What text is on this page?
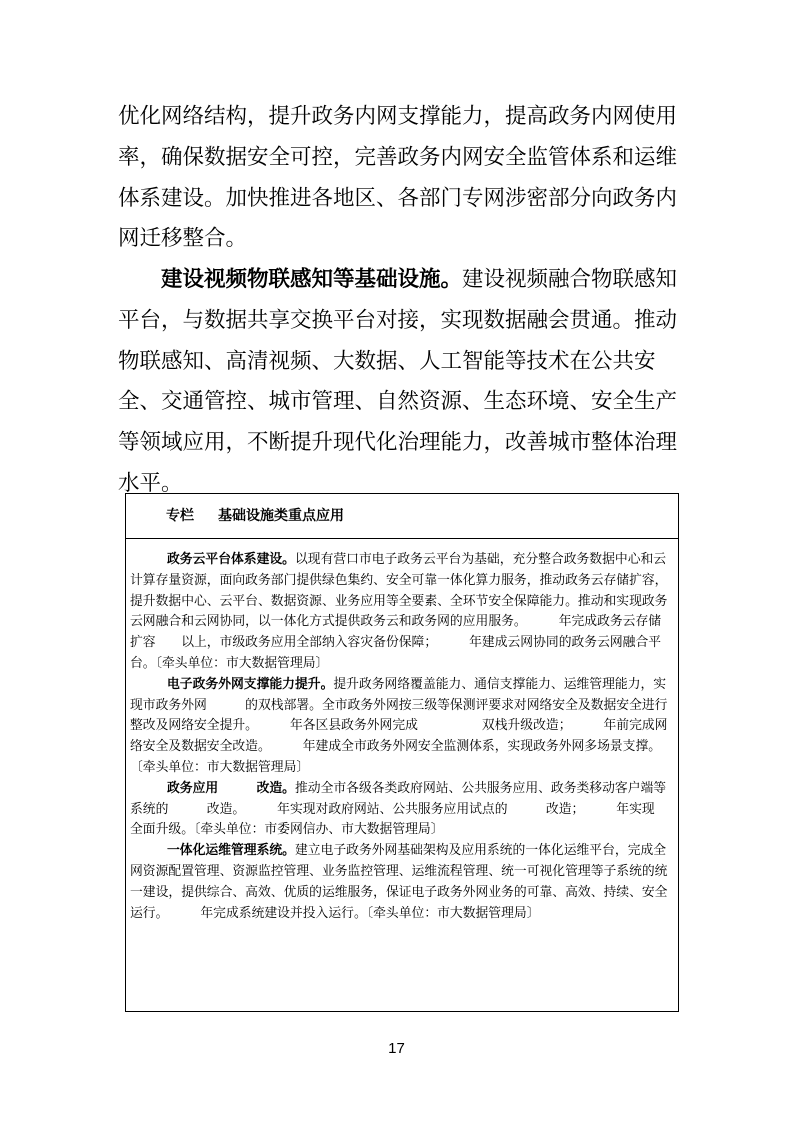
优化网络结构，提升政务内网支撑能力，提高政务内网使用率，确保数据安全可控，完善政务内网安全监管体系和运维体系建设。加快推进各地区、各部门专网涉密部分向政务内网迁移整合。

建设视频物联感知等基础设施。建设视频融合物联感知平台，与数据共享交换平台对接，实现数据融会贯通。推动物联感知、高清视频、大数据、人工智能等技术在公共安全、交通管控、城市管理、自然资源、生态环境、安全生产等领域应用，不断提升现代化治理能力，改善城市整体治理水平。

专栏 基础设施类重点应用

政务云平台体系建设。以现有营口市电子政务云平台为基础，充分整合政务数据中心和云计算存量资源，面向政务部门提供绿色集约、安全可靠一体化算力服务，推动政务云存储扩容，提升数据中心、云平台、数据资源、业务应用等全要素、全环节安全保障能力。推动和实现政务云网融合和云网协同，以一体化方式提供政务云和政务网的应用服务。　　　年完成政务云存储扩容　　以上，市级政务应用全部纳入容灾备份保障；　　　年建成云网协同的政务云网融合平台。〔牵头单位：市大数据管理局〕

电子政务外网支撑能力提升。提升政务网络覆盖能力、通信支撑能力、运维管理能力，实现市政务外网　　　的双栈部署。全市政务外网按三级等保测评要求对网络安全及数据安全进行整改及网络安全提升。　　　年各区县政务外网完成　　　　　双栈升级改造；　　　年前完成网络安全及数据安全改造。　　　年建成全市政务外网安全监测体系，实现政务外网多场景支撑。〔牵头单位：市大数据管理局〕

政务应用　　　改造。推动全市各级各类政府网站、公共服务应用、政务类移动客户端等系统的　　　改造。　　　年实现对政府网站、公共服务应用试点的　　　改造；　　　年实现　　　全面升级。〔牵头单位：市委网信办、市大数据管理局〕

一体化运维管理系统。建立电子政务外网基础架构及应用系统的一体化运维平台，完成全网资源配置管理、资源监控管理、业务监控管理、运维流程管理、统一可视化管理等子系统的统一建设，提供综合、高效、优质的运维服务，保证电子政务外网业务的可靠、高效、持续、安全运行。　　　年完成系统建设并投入运行。〔牵头单位：市大数据管理局〕

17
